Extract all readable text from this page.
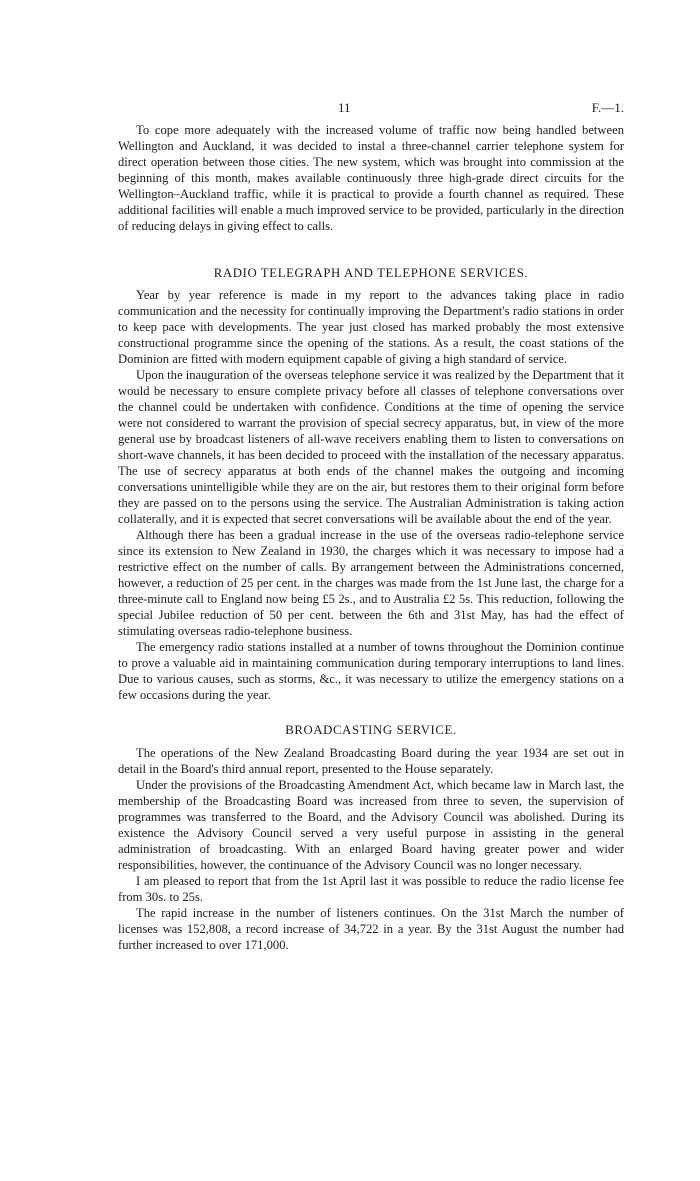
11	F.—1.

To cope more adequately with the increased volume of traffic now being handled between Wellington and Auckland, it was decided to instal a three-channel carrier telephone system for direct operation between those cities. The new system, which was brought into commission at the beginning of this month, makes available continuously three high-grade direct circuits for the Wellington–Auckland traffic, while it is practical to provide a fourth channel as required. These additional facilities will enable a much improved service to be provided, particularly in the direction of reducing delays in giving effect to calls.

RADIO TELEGRAPH AND TELEPHONE SERVICES.

Year by year reference is made in my report to the advances taking place in radio communication and the necessity for continually improving the Department's radio stations in order to keep pace with developments. The year just closed has marked probably the most extensive constructional programme since the opening of the stations. As a result, the coast stations of the Dominion are fitted with modern equipment capable of giving a high standard of service.

Upon the inauguration of the overseas telephone service it was realized by the Department that it would be necessary to ensure complete privacy before all classes of telephone conversations over the channel could be undertaken with confidence. Conditions at the time of opening the service were not considered to warrant the provision of special secrecy apparatus, but, in view of the more general use by broadcast listeners of all-wave receivers enabling them to listen to conversations on short-wave channels, it has been decided to proceed with the installation of the necessary apparatus. The use of secrecy apparatus at both ends of the channel makes the outgoing and incoming conversations unintelligible while they are on the air, but restores them to their original form before they are passed on to the persons using the service. The Australian Administration is taking action collaterally, and it is expected that secret conversations will be available about the end of the year.

Although there has been a gradual increase in the use of the overseas radio-telephone service since its extension to New Zealand in 1930, the charges which it was necessary to impose had a restrictive effect on the number of calls. By arrangement between the Administrations concerned, however, a reduction of 25 per cent. in the charges was made from the 1st June last, the charge for a three-minute call to England now being £5 2s., and to Australia £2 5s. This reduction, following the special Jubilee reduction of 50 per cent. between the 6th and 31st May, has had the effect of stimulating overseas radio-telephone business.

The emergency radio stations installed at a number of towns throughout the Dominion continue to prove a valuable aid in maintaining communication during temporary interruptions to land lines. Due to various causes, such as storms, &c., it was necessary to utilize the emergency stations on a few occasions during the year.

BROADCASTING SERVICE.

The operations of the New Zealand Broadcasting Board during the year 1934 are set out in detail in the Board's third annual report, presented to the House separately.

Under the provisions of the Broadcasting Amendment Act, which became law in March last, the membership of the Broadcasting Board was increased from three to seven, the supervision of programmes was transferred to the Board, and the Advisory Council was abolished. During its existence the Advisory Council served a very useful purpose in assisting in the general administration of broadcasting. With an enlarged Board having greater power and wider responsibilities, however, the continuance of the Advisory Council was no longer necessary.

I am pleased to report that from the 1st April last it was possible to reduce the radio license fee from 30s. to 25s.

The rapid increase in the number of listeners continues. On the 31st March the number of licenses was 152,808, a record increase of 34,722 in a year. By the 31st August the number had further increased to over 171,000.
